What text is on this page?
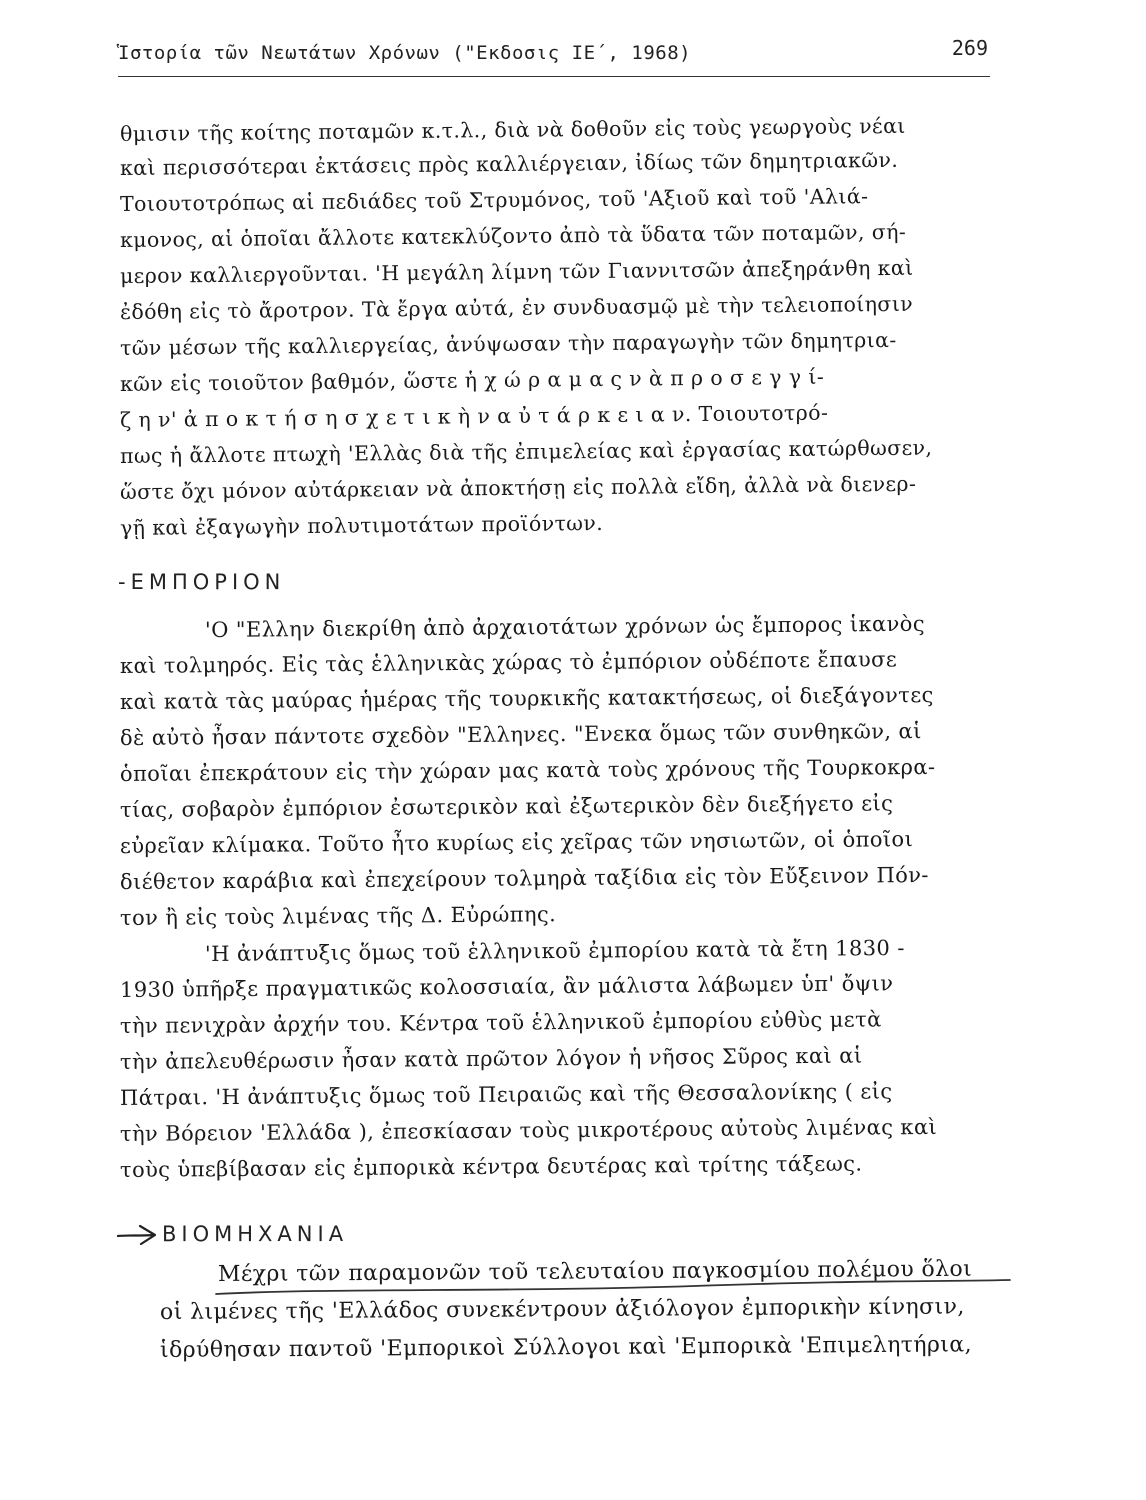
Ἱστορία τῶν Νεωτάτων Χρόνων ("Εκδοσις ΙΕ΄, 1968)	269
θμισιν τῆς κοίτης ποταμῶν κ.τ.λ., διὰ νὰ δοθοῦν εἰς τοὺς γεωργοὺς νέαι
καὶ περισσότεραι ἐκτάσεις πρὸς καλλιέργειαν, ἰδίως τῶν δημητριακῶν.
Τοιουτοτρόπως αἱ πεδιάδες τοῦ Στρυμόνος, τοῦ 'Αξιοῦ καὶ τοῦ 'Αλιά-
κμονος, αἱ ὁποῖαι ἄλλοτε κατεκλύζοντο ἀπὸ τὰ ὕδατα τῶν ποταμῶν, σή-
μερον καλλιεργοῦνται. 'Η μεγάλη λίμνη τῶν Γιαννιτσῶν ἀπεξηράνθη καὶ
ἐδόθη εἰς τὸ ἄροτρον. Τὰ ἔργα αὐτά, ἐν συνδυασμῷ μὲ τὴν τελειοποίησιν
τῶν μέσων τῆς καλλιεργείας, ἀνύψωσαν τὴν παραγωγὴν τῶν δημητρια-
κῶν εἰς τοιοῦτον βαθμόν, ὥστε ἡ χ ώ ρ α μ α ς ν ὰ π ρ ο σ ε γ γ ί-
ζ η ν' ἀ π ο κ τ ή σ η σ χ ε τ ι κ ὴ ν α ὐ τ ά ρ κ ε ι α ν. Τοιουτοτρό-
πως ἡ ἄλλοτε πτωχὴ 'Ελλὰς διὰ τῆς ἐπιμελείας καὶ ἐργασίας κατώρθωσεν,
ὥστε ὄχι μόνον αὐτάρκειαν νὰ ἀποκτήσῃ εἰς πολλὰ εἴδη, ἀλλὰ νὰ διενερ-
γῇ καὶ ἐξαγωγὴν πολυτιμοτάτων προϊόντων.
-ΕΜΠΟΡΙΟΝ
'Ο "Ελλην διεκρίθη ἀπὸ ἀρχαιοτάτων χρόνων ὡς ἔμπορος ἱκανὸς
καὶ τολμηρός. Εἰς τὰς ἑλληνικὰς χώρας τὸ ἐμπόριον οὐδέποτε ἔπαυσε
καὶ κατὰ τὰς μαύρας ἡμέρας τῆς τουρκικῆς κατακτήσεως, οἱ διεξάγοντες
δὲ αὐτὸ ἦσαν πάντοτε σχεδὸν "Ελληνες. "Ενεκα ὅμως τῶν συνθηκῶν, αἱ
ὁποῖαι ἐπεκράτουν εἰς τὴν χώραν μας κατὰ τοὺς χρόνους τῆς Τουρκοκρα-
τίας, σοβαρὸν ἐμπόριον ἐσωτερικὸν καὶ ἐξωτερικὸν δὲν διεξήγετο εἰς
εὐρεῖαν κλίμακα. Τοῦτο ἦτο κυρίως εἰς χεῖρας τῶν νησιωτῶν, οἱ ὁποῖοι
διέθετον καράβια καὶ ἐπεχείρουν τολμηρὰ ταξίδια εἰς τὸν Εὔξεινον Πόν-
τον ἢ εἰς τοὺς λιμένας τῆς Δ. Εὐρώπης.
'Η ἀνάπτυξις ὅμως τοῦ ἑλληνικοῦ ἐμπορίου κατὰ τὰ ἔτη 1830 -
1930 ὑπῆρξε πραγματικῶς κολοσσιαία, ἂν μάλιστα λάβωμεν ὑπ' ὄψιν
τὴν πενιχρὰν ἀρχήν του. Κέντρα τοῦ ἑλληνικοῦ ἐμπορίου εὐθὺς μετὰ
τὴν ἀπελευθέρωσιν ἦσαν κατὰ πρῶτον λόγον ἡ νῆσος Σῦρος καὶ αἱ
Πάτραι. 'Η ἀνάπτυξις ὅμως τοῦ Πειραιῶς καὶ τῆς Θεσσαλονίκης ( εἰς
τὴν Βόρειον 'Ελλάδα ), ἐπεσκίασαν τοὺς μικροτέρους αὐτοὺς λιμένας καὶ
τοὺς ὑπεβίβασαν εἰς ἐμπορικὰ κέντρα δευτέρας καὶ τρίτης τάξεως.
ΒΙΟΜΗΧΑΝΙΑ
Μέχρι τῶν παραμονῶν τοῦ τελευταίου παγκοσμίου πολέμου ὅλοι
οἱ λιμένες τῆς 'Ελλάδος συνεκέντρουν ἀξιόλογον ἐμπορικὴν κίνησιν,
ἱδρύθησαν παντοῦ 'Εμπορικοὶ Σύλλογοι καὶ 'Εμπορικὰ 'Επιμελητήρια,
